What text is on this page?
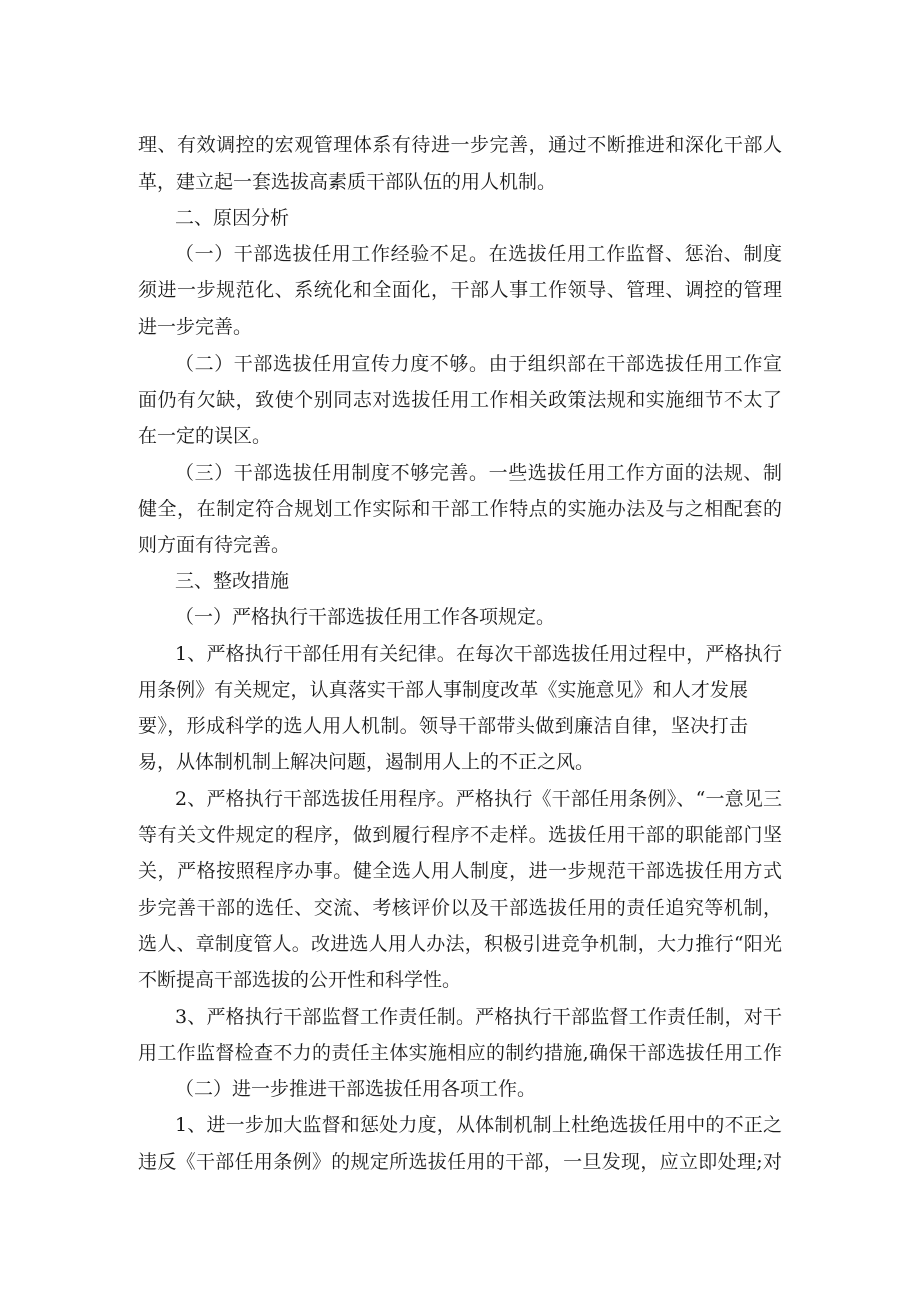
理、有效调控的宏观管理体系有待进一步完善，通过不断推进和深化干部人
革，建立起一套选拔高素质干部队伍的用人机制。
二、原因分析
（一）干部选拔任用工作经验不足。在选拔任用工作监督、惩治、制度
须进一步规范化、系统化和全面化，干部人事工作领导、管理、调控的管理
进一步完善。
（二）干部选拔任用宣传力度不够。由于组织部在干部选拔任用工作宣
面仍有欠缺，致使个别同志对选拔任用工作相关政策法规和实施细节不太了
在一定的误区。
（三）干部选拔任用制度不够完善。一些选拔任用工作方面的法规、制
健全，在制定符合规划工作实际和干部工作特点的实施办法及与之相配套的
则方面有待完善。
三、整改措施
（一）严格执行干部选拔任用工作各项规定。
1、严格执行干部任用有关纪律。在每次干部选拔任用过程中，严格执行
用条例》有关规定，认真落实干部人事制度改革《实施意见》和人才发展
要》，形成科学的选人用人机制。领导干部带头做到廉洁自律，坚决打击
易，从体制机制上解决问题，遏制用人上的不正之风。
2、严格执行干部选拔任用程序。严格执行《干部任用条例》、“一意见三
等有关文件规定的程序，做到履行程序不走样。选拔任用干部的职能部门坚
关，严格按照程序办事。健全选人用人制度，进一步规范干部选拔任用方式
步完善干部的选任、交流、考核评价以及干部选拔任用的责任追究等机制，
选人、章制度管人。改进选人用人办法，积极引进竞争机制，大力推行“阳光
不断提高干部选拔的公开性和科学性。
3、严格执行干部监督工作责任制。严格执行干部监督工作责任制，对干
用工作监督检查不力的责任主体实施相应的制约措施,确保干部选拔任用工作
（二）进一步推进干部选拔任用各项工作。
1、进一步加大监督和惩处力度，从体制机制上杜绝选拔任用中的不正之
违反《干部任用条例》的规定所选拔任用的干部，一旦发现，应立即处理;对
